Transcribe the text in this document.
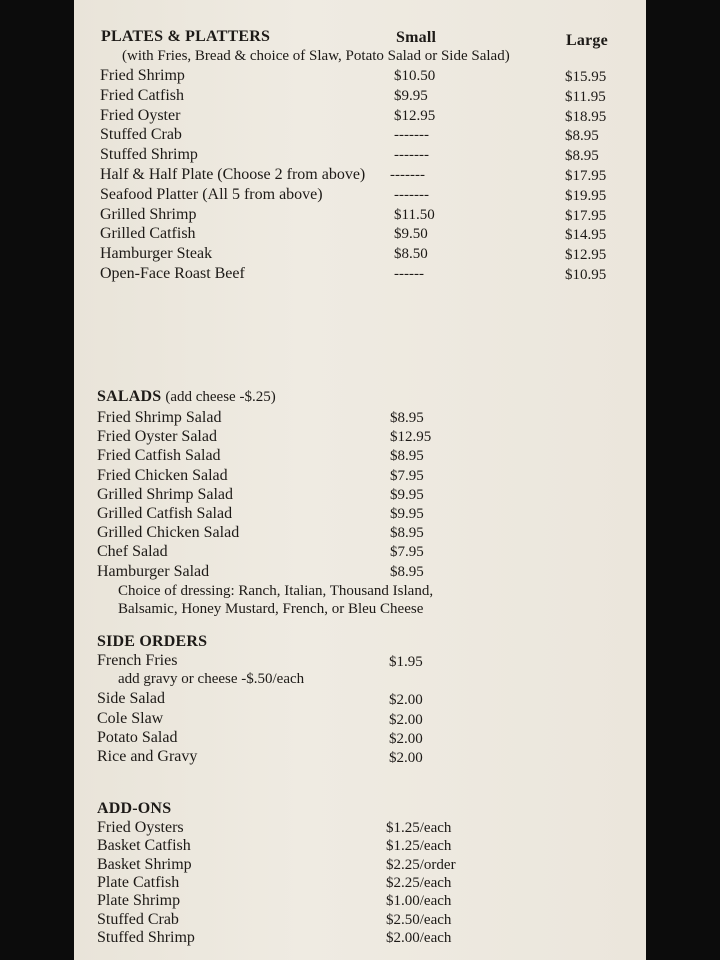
PLATES & PLATTERS	Small	Large
(with Fries, Bread & choice of Slaw, Potato Salad or Side Salad)
Fried Shrimp	$10.50	$15.95
Fried Catfish	$9.95	$11.95
Fried Oyster	$12.95	$18.95
Stuffed Crab	-------	$8.95
Stuffed Shrimp	-------	$8.95
Half & Half Plate (Choose 2 from above) -------	$17.95
Seafood Platter (All 5 from above)	-------	$19.95
Grilled Shrimp	$11.50	$17.95
Grilled Catfish	$9.50	$14.95
Hamburger Steak	$8.50	$12.95
Open-Face Roast Beef	------	$10.95
SALADS (add cheese -$.25)
Fried Shrimp Salad	$8.95
Fried Oyster Salad	$12.95
Fried Catfish Salad	$8.95
Fried Chicken Salad	$7.95
Grilled Shrimp Salad	$9.95
Grilled Catfish Salad	$9.95
Grilled Chicken Salad	$8.95
Chef Salad	$7.95
Hamburger Salad	$8.95
Choice of dressing: Ranch, Italian, Thousand Island,
Balsamic, Honey Mustard, French, or Bleu Cheese
SIDE ORDERS
French Fries	$1.95
add gravy or cheese -$.50/each
Side Salad	$2.00
Cole Slaw	$2.00
Potato Salad	$2.00
Rice and Gravy	$2.00
ADD-ONS
Fried Oysters	$1.25/each
Basket Catfish	$1.25/each
Basket Shrimp	$2.25/order
Plate Catfish	$2.25/each
Plate Shrimp	$1.00/each
Stuffed Crab	$2.50/each
Stuffed Shrimp	$2.00/each
